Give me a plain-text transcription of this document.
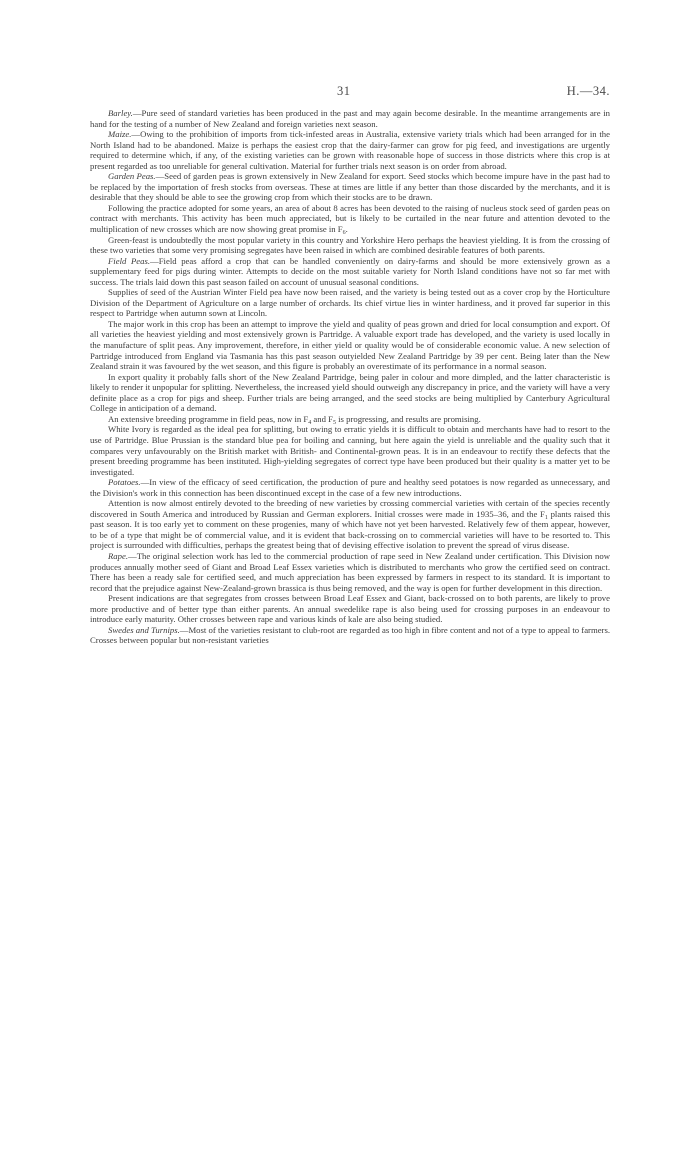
31	H.—34.

Barley.—Pure seed of standard varieties has been produced in the past and may again become desirable. In the meantime arrangements are in hand for the testing of a number of New Zealand and foreign varieties next season.

Maize.—Owing to the prohibition of imports from tick-infested areas in Australia, extensive variety trials which had been arranged for in the North Island had to be abandoned. Maize is perhaps the easiest crop that the dairy-farmer can grow for pig feed, and investigations are urgently required to determine which, if any, of the existing varieties can be grown with reasonable hope of success in those districts where this crop is at present regarded as too unreliable for general cultivation. Material for further trials next season is on order from abroad.

Garden Peas.—Seed of garden peas is grown extensively in New Zealand for export. Seed stocks which become impure have in the past had to be replaced by the importation of fresh stocks from overseas. These at times are little if any better than those discarded by the merchants, and it is desirable that they should be able to see the growing crop from which their stocks are to be drawn.

Following the practice adopted for some years, an area of about 8 acres has been devoted to the raising of nucleus stock seed of garden peas on contract with merchants. This activity has been much appreciated, but is likely to be curtailed in the near future and attention devoted to the multiplication of new crosses which are now showing great promise in $F_6$.

Green-feast is undoubtedly the most popular variety in this country and Yorkshire Hero perhaps the heaviest yielding. It is from the crossing of these two varieties that some very promising segregates have been raised in which are combined desirable features of both parents.

Field Peas.—Field peas afford a crop that can be handled conveniently on dairy-farms and should be more extensively grown as a supplementary feed for pigs during winter. Attempts to decide on the most suitable variety for North Island conditions have not so far met with success. The trials laid down this past season failed on account of unusual seasonal conditions.

Supplies of seed of the Austrian Winter Field pea have now been raised, and the variety is being tested out as a cover crop by the Horticulture Division of the Department of Agriculture on a large number of orchards. Its chief virtue lies in winter hardiness, and it proved far superior in this respect to Partridge when autumn sown at Lincoln.

The major work in this crop has been an attempt to improve the yield and quality of peas grown and dried for local consumption and export. Of all varieties the heaviest yielding and most extensively grown is Partridge. A valuable export trade has developed, and the variety is used locally in the manufacture of split peas. Any improvement, therefore, in either yield or quality would be of considerable economic value. A new selection of Partridge introduced from England via Tasmania has this past season outyielded New Zealand Partridge by 39 per cent. Being later than the New Zealand strain it was favoured by the wet season, and this figure is probably an overestimate of its performance in a normal season.

In export quality it probably falls short of the New Zealand Partridge, being paler in colour and more dimpled, and the latter characteristic is likely to render it unpopular for splitting. Nevertheless, the increased yield should outweigh any discrepancy in price, and the variety will have a very definite place as a crop for pigs and sheep. Further trials are being arranged, and the seed stocks are being multiplied by Canterbury Agricultural College in anticipation of a demand.

An extensive breeding programme in field peas, now in $F_4$ and $F_5$ is progressing, and results are promising.

White Ivory is regarded as the ideal pea for splitting, but owing to erratic yields it is difficult to obtain and merchants have had to resort to the use of Partridge. Blue Prussian is the standard blue pea for boiling and canning, but here again the yield is unreliable and the quality such that it compares very unfavourably on the British market with British- and Continental-grown peas. It is in an endeavour to rectify these defects that the present breeding programme has been instituted. High-yielding segregates of correct type have been produced but their quality is a matter yet to be investigated.

Potatoes.—In view of the efficacy of seed certification, the production of pure and healthy seed potatoes is now regarded as unnecessary, and the Division's work in this connection has been discontinued except in the case of a few new introductions.

Attention is now almost entirely devoted to the breeding of new varieties by crossing commercial varieties with certain of the species recently discovered in South America and introduced by Russian and German explorers. Initial crosses were made in 1935–36, and the $F_1$ plants raised this past season. It is too early yet to comment on these progenies, many of which have not yet been harvested. Relatively few of them appear, however, to be of a type that might be of commercial value, and it is evident that back-crossing on to commercial varieties will have to be resorted to. This project is surrounded with difficulties, perhaps the greatest being that of devising effective isolation to prevent the spread of virus disease.

Rape.—The original selection work has led to the commercial production of rape seed in New Zealand under certification. This Division now produces annually mother seed of Giant and Broad Leaf Essex varieties which is distributed to merchants who grow the certified seed on contract. There has been a ready sale for certified seed, and much appreciation has been expressed by farmers in respect to its standard. It is important to record that the prejudice against New-Zealand-grown brassica is thus being removed, and the way is open for further development in this direction.

Present indications are that segregates from crosses between Broad Leaf Essex and Giant, back-crossed on to both parents, are likely to prove more productive and of better type than either parents. An annual swedelike rape is also being used for crossing purposes in an endeavour to introduce early maturity. Other crosses between rape and various kinds of kale are also being studied.

Swedes and Turnips.—Most of the varieties resistant to club-root are regarded as too high in fibre content and not of a type to appeal to farmers. Crosses between popular but non-resistant varieties
